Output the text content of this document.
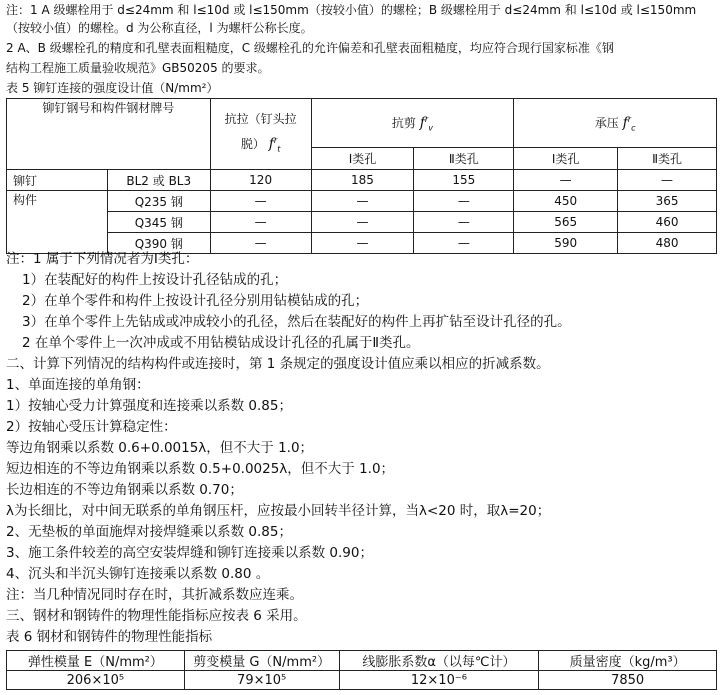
注：1 A 级螺栓用于 d≤24mm 和 l≤10d 或 l≤150mm（按较小值）的螺栓；B 级螺栓用于 d≤24mm 和 l≤10d 或 l≤150mm
（按较小值）的螺栓。d 为公称直径，l 为螺杆公称长度。
2 A、B 级螺栓孔的精度和孔壁表面粗糙度，C 级螺栓孔的允许偏差和孔壁表面粗糙度，均应符合现行国家标准《钢
结构工程施工质量验收规范》GB50205 的要求。
表 5 铆钉连接的强度设计值（N/mm²）
铆钉钢号和构件钢材牌号		抗拉（钉头拉
脱） $f^r_t$	抗剪 $f^r_v$		承压 $f^r_c$
			Ⅰ类孔	Ⅱ类孔	Ⅰ类孔	Ⅱ类孔
铆钉	BL2 或 BL3	120	185	155	—	—
构件	Q235 钢	—	—	—	450	365
	Q345 钢	—	—	—	565	460
	Q390 钢	—	—	—	590	480
注：1 属于下列情况者为Ⅰ类孔：
1）在装配好的构件上按设计孔径钻成的孔；
2）在单个零件和构件上按设计孔径分别用钻模钻成的孔；
3）在单个零件上先钻成或冲成较小的孔径，然后在装配好的构件上再扩钻至设计孔径的孔。
2 在单个零件上一次冲成或不用钻模钻成设计孔径的孔属于Ⅱ类孔。
二、计算下列情况的结构构件或连接时，第 1 条规定的强度设计值应乘以相应的折减系数。
1、单面连接的单角钢：
1）按轴心受力计算强度和连接乘以系数 0.85；
2）按轴心受压计算稳定性：
等边角钢乘以系数 0.6+0.0015λ，但不大于 1.0；
短边相连的不等边角钢乘以系数 0.5+0.0025λ，但不大于 1.0；
长边相连的不等边角钢乘以系数 0.70；
λ为长细比，对中间无联系的单角钢压杆，应按最小回转半径计算，当λ<20 时，取λ=20；
2、无垫板的单面施焊对接焊缝乘以系数 0.85；
3、施工条件较差的高空安装焊缝和铆钉连接乘以系数 0.90；
4、沉头和半沉头铆钉连接乘以系数 0.80 。
注：当几种情况同时存在时，其折减系数应连乘。
三、钢材和钢铸件的物理性能指标应按表 6 采用。
表 6 钢材和钢铸件的物理性能指标
弹性模量 E（N/mm²）	剪变模量 G（N/mm²）	线膨胀系数α（以每℃计）	质量密度（kg/m³）
206×10⁵	79×10⁵	12×10⁻⁶	7850
